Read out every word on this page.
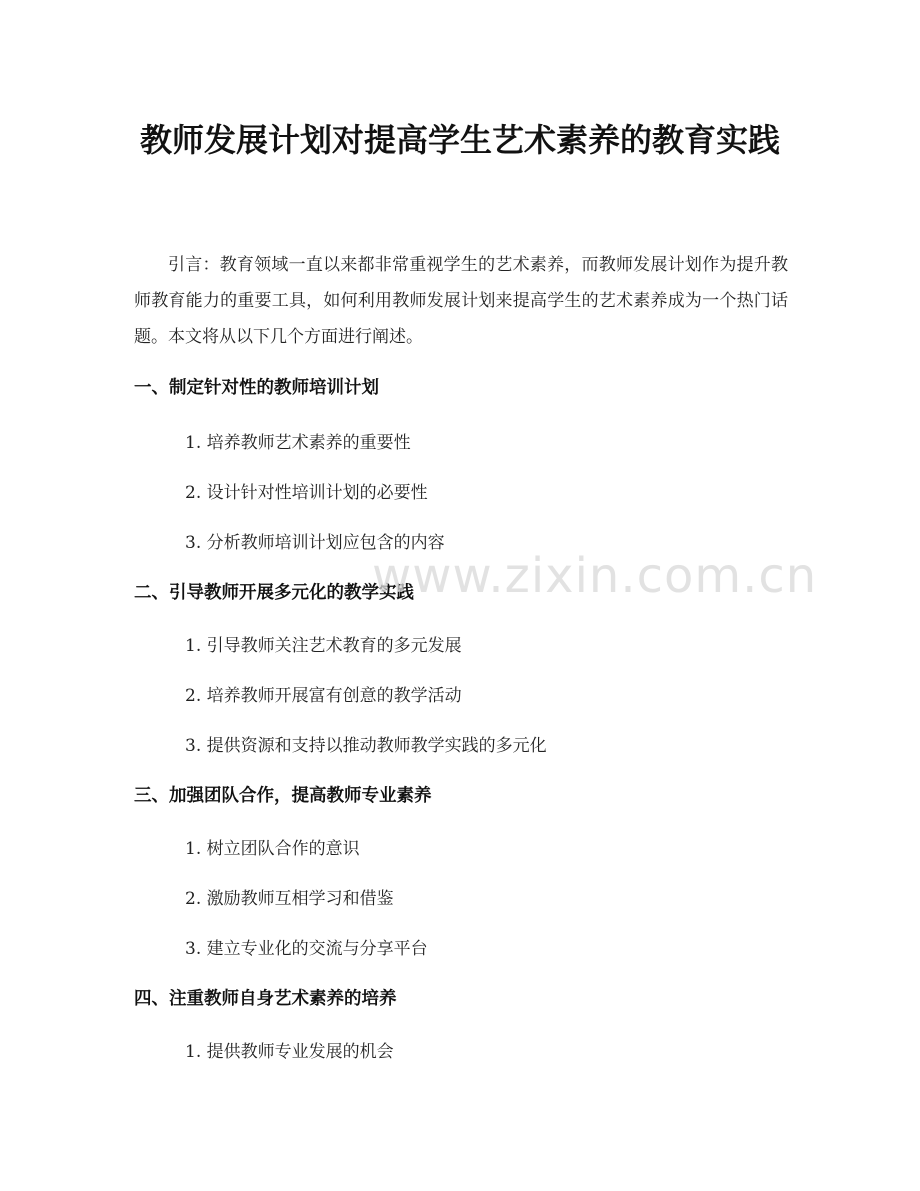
教师发展计划对提高学生艺术素养的教育实践
引言：教育领域一直以来都非常重视学生的艺术素养，而教师发展计划作为提升教师教育能力的重要工具，如何利用教师发展计划来提高学生的艺术素养成为一个热门话题。本文将从以下几个方面进行阐述。
一、制定针对性的教师培训计划
1. 培养教师艺术素养的重要性
2. 设计针对性培训计划的必要性
3. 分析教师培训计划应包含的内容
二、引导教师开展多元化的教学实践
1. 引导教师关注艺术教育的多元发展
2. 培养教师开展富有创意的教学活动
3. 提供资源和支持以推动教师教学实践的多元化
三、加强团队合作，提高教师专业素养
1. 树立团队合作的意识
2. 激励教师互相学习和借鉴
3. 建立专业化的交流与分享平台
四、注重教师自身艺术素养的培养
1. 提供教师专业发展的机会
www.zixin.com.cn
